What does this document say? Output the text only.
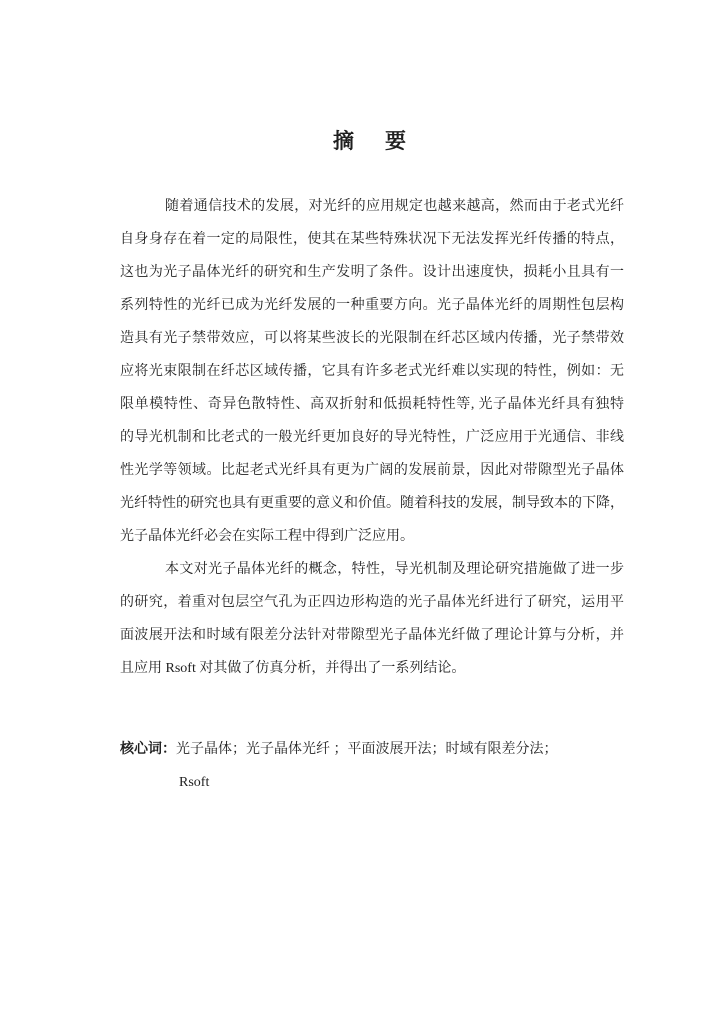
摘　要
随着通信技术的发展，对光纤的应用规定也越来越高，然而由于老式光纤
自身身存在着一定的局限性，使其在某些特殊状况下无法发挥光纤传播的特点，
这也为光子晶体光纤的研究和生产发明了条件。设计出速度快，损耗小且具有一
系列特性的光纤已成为光纤发展的一种重要方向。光子晶体光纤的周期性包层构
造具有光子禁带效应，可以将某些波长的光限制在纤芯区域内传播，光子禁带效
应将光束限制在纤芯区域传播，它具有许多老式光纤难以实现的特性，例如：无
限单模特性、奇异色散特性、高双折射和低损耗特性等, 光子晶体光纤具有独特
的导光机制和比老式的一般光纤更加良好的导光特性，广泛应用于光通信、非线
性光学等领域。比起老式光纤具有更为广阔的发展前景，因此对带隙型光子晶体
光纤特性的研究也具有更重要的意义和价值。随着科技的发展，制导致本的下降，
光子晶体光纤必会在实际工程中得到广泛应用。
本文对光子晶体光纤的概念，特性，导光机制及理论研究措施做了进一步
的研究，着重对包层空气孔为正四边形构造的光子晶体光纤进行了研究，运用平
面波展开法和时域有限差分法针对带隙型光子晶体光纤做了理论计算与分析，并
且应用 Rsoft 对其做了仿真分析，并得出了一系列结论。
核心词：光子晶体；光子晶体光纤 ；平面波展开法；时域有限差分法；
Rsoft
